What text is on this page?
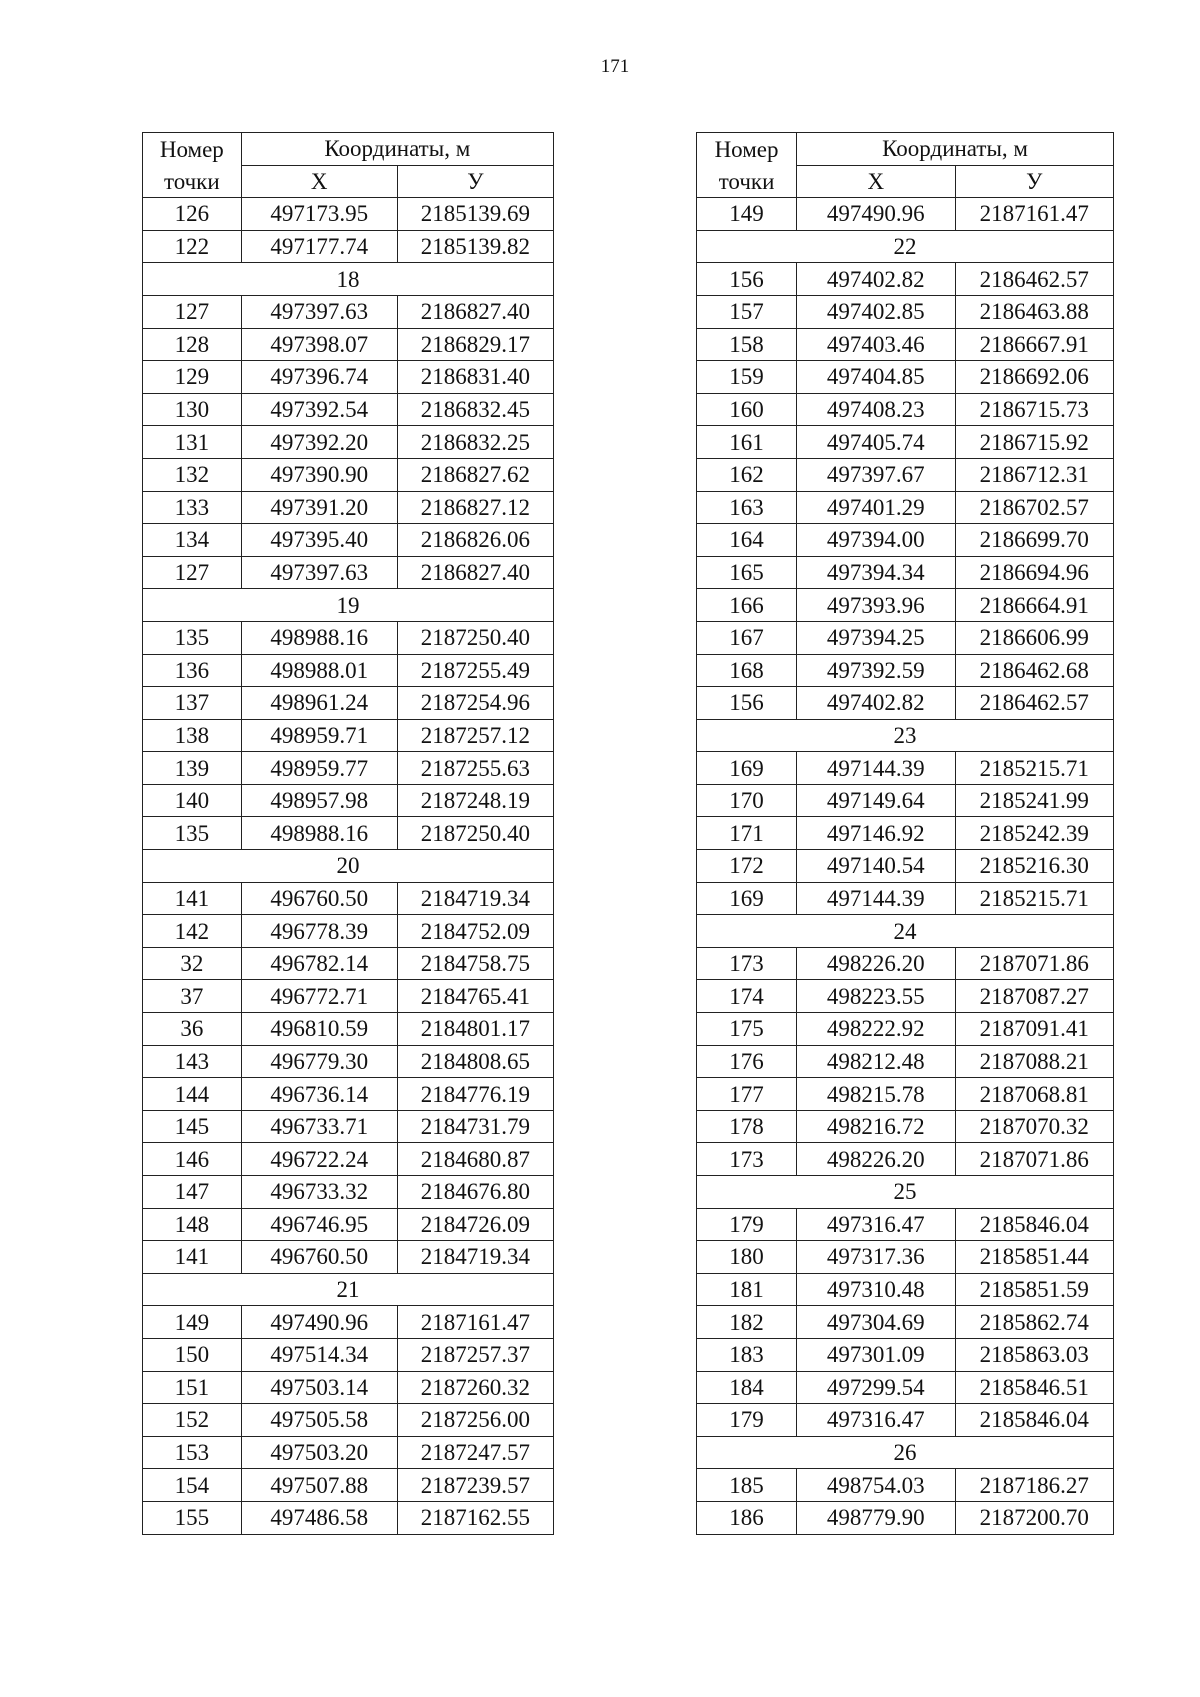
171
Номер	Координаты, м	
точки	X	У
126	497173.95	2185139.69
122	497177.74	2185139.82
18		
127	497397.63	2186827.40
128	497398.07	2186829.17
129	497396.74	2186831.40
130	497392.54	2186832.45
131	497392.20	2186832.25
132	497390.90	2186827.62
133	497391.20	2186827.12
134	497395.40	2186826.06
127	497397.63	2186827.40
19		
135	498988.16	2187250.40
136	498988.01	2187255.49
137	498961.24	2187254.96
138	498959.71	2187257.12
139	498959.77	2187255.63
140	498957.98	2187248.19
135	498988.16	2187250.40
20		
141	496760.50	2184719.34
142	496778.39	2184752.09
32	496782.14	2184758.75
37	496772.71	2184765.41
36	496810.59	2184801.17
143	496779.30	2184808.65
144	496736.14	2184776.19
145	496733.71	2184731.79
146	496722.24	2184680.87
147	496733.32	2184676.80
148	496746.95	2184726.09
141	496760.50	2184719.34
21		
149	497490.96	2187161.47
150	497514.34	2187257.37
151	497503.14	2187260.32
152	497505.58	2187256.00
153	497503.20	2187247.57
154	497507.88	2187239.57
155	497486.58	2187162.55
Номер	Координаты, м	
точки	X	У
149	497490.96	2187161.47
22		
156	497402.82	2186462.57
157	497402.85	2186463.88
158	497403.46	2186667.91
159	497404.85	2186692.06
160	497408.23	2186715.73
161	497405.74	2186715.92
162	497397.67	2186712.31
163	497401.29	2186702.57
164	497394.00	2186699.70
165	497394.34	2186694.96
166	497393.96	2186664.91
167	497394.25	2186606.99
168	497392.59	2186462.68
156	497402.82	2186462.57
23		
169	497144.39	2185215.71
170	497149.64	2185241.99
171	497146.92	2185242.39
172	497140.54	2185216.30
169	497144.39	2185215.71
24		
173	498226.20	2187071.86
174	498223.55	2187087.27
175	498222.92	2187091.41
176	498212.48	2187088.21
177	498215.78	2187068.81
178	498216.72	2187070.32
173	498226.20	2187071.86
25		
179	497316.47	2185846.04
180	497317.36	2185851.44
181	497310.48	2185851.59
182	497304.69	2185862.74
183	497301.09	2185863.03
184	497299.54	2185846.51
179	497316.47	2185846.04
26		
185	498754.03	2187186.27
186	498779.90	2187200.70
